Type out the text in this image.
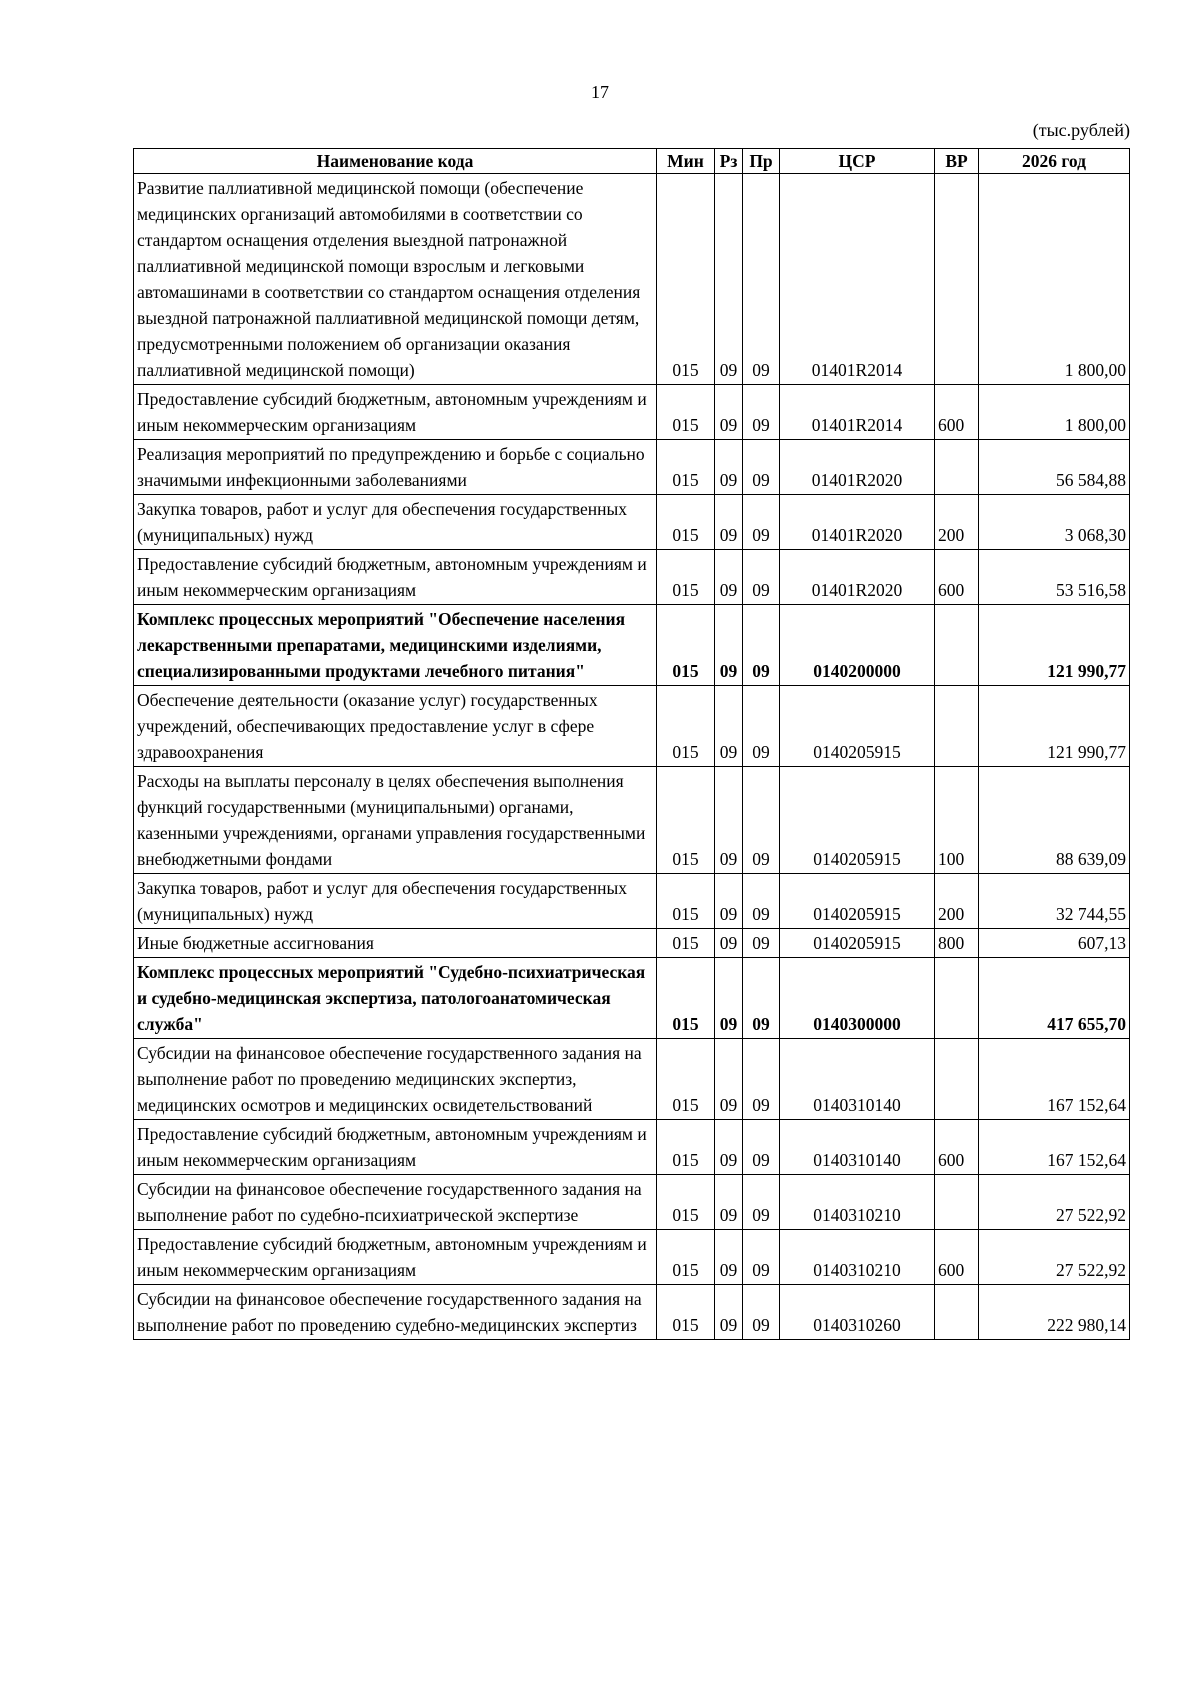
17
(тыс.рублей)
Наименование кода	Мин	Рз	Пр	ЦСР	ВР	2026 год
Развитие паллиативной медицинской помощи (обеспечение медицинских организаций автомобилями в соответствии со стандартом оснащения отделения выездной патронажной паллиативной медицинской помощи взрослым и легковыми автомашинами в соответствии со стандартом оснащения отделения выездной патронажной паллиативной медицинской помощи детям, предусмотренными положением об организации оказания паллиативной медицинской помощи)	015	09	09	01401R2014		1 800,00
Предоставление субсидий бюджетным, автономным учреждениям и иным некоммерческим организациям	015	09	09	01401R2014	600	1 800,00
Реализация мероприятий по предупреждению и борьбе с социально значимыми инфекционными заболеваниями	015	09	09	01401R2020		56 584,88
Закупка товаров, работ и услуг для обеспечения государственных (муниципальных) нужд	015	09	09	01401R2020	200	3 068,30
Предоставление субсидий бюджетным, автономным учреждениям и иным некоммерческим организациям	015	09	09	01401R2020	600	53 516,58
Комплекс процессных мероприятий "Обеспечение населения лекарственными препаратами, медицинскими изделиями, специализированными продуктами лечебного питания"	015	09	09	0140200000		121 990,77
Обеспечение деятельности (оказание услуг) государственных учреждений, обеспечивающих предоставление услуг в сфере здравоохранения	015	09	09	0140205915		121 990,77
Расходы на выплаты персоналу в целях обеспечения выполнения функций государственными (муниципальными) органами, казенными учреждениями, органами управления государственными внебюджетными фондами	015	09	09	0140205915	100	88 639,09
Закупка товаров, работ и услуг для обеспечения государственных (муниципальных) нужд	015	09	09	0140205915	200	32 744,55
Иные бюджетные ассигнования	015	09	09	0140205915	800	607,13
Комплекс процессных мероприятий "Судебно-психиатрическая и судебно-медицинская экспертиза, патологоанатомическая служба"	015	09	09	0140300000		417 655,70
Субсидии на финансовое обеспечение государственного задания на выполнение работ по проведению медицинских экспертиз, медицинских осмотров и медицинских освидетельствований	015	09	09	0140310140		167 152,64
Предоставление субсидий бюджетным, автономным учреждениям и иным некоммерческим организациям	015	09	09	0140310140	600	167 152,64
Субсидии на финансовое обеспечение государственного задания на выполнение работ по судебно-психиатрической экспертизе	015	09	09	0140310210		27 522,92
Предоставление субсидий бюджетным, автономным учреждениям и иным некоммерческим организациям	015	09	09	0140310210	600	27 522,92
Субсидии на финансовое обеспечение государственного задания на выполнение работ по проведению судебно-медицинских экспертиз	015	09	09	0140310260		222 980,14
